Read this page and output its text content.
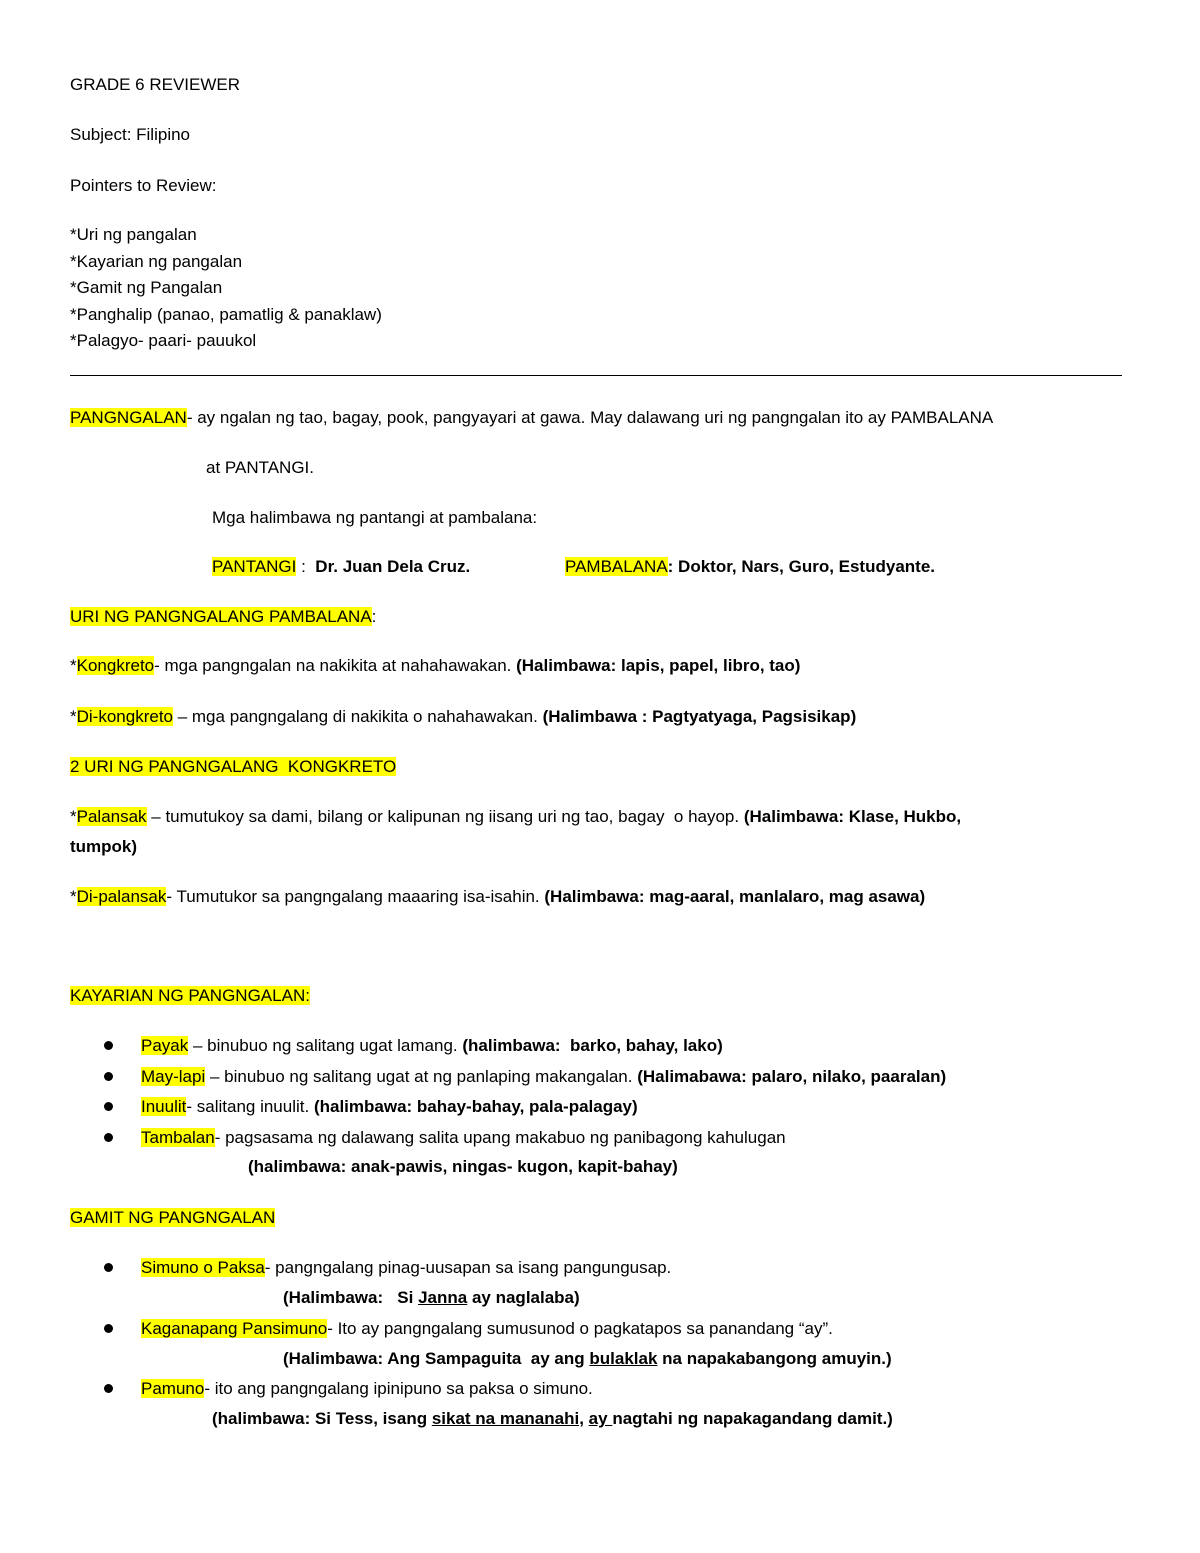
GRADE 6 REVIEWER
Subject: Filipino
Pointers to Review:
*Uri ng pangalan
*Kayarian ng pangalan
*Gamit ng Pangalan
*Panghalip (panao, pamatlig & panaklaw)
*Palagyo- paari- pauukol
PANGNGALAN- ay ngalan ng tao, bagay, pook, pangyayari at gawa. May dalawang uri ng pangngalan ito ay PAMBALANA
at PANTANGI.
Mga halimbawa ng pantangi at pambalana:
PANTANGI :  Dr. Juan Dela Cruz.	PAMBALANA: Doktor, Nars, Guro, Estudyante.
URI NG PANGNGALANG PAMBALANA:
*Kongkreto- mga pangngalan na nakikita at nahahawakan. (Halimbawa: lapis, papel, libro, tao)
*Di-kongkreto – mga pangngalang di nakikita o nahahawakan. (Halimbawa : Pagtyatyaga, Pagsisikap)
2 URI NG PANGNGALANG  KONGKRETO
*Palansak – tumutukoy sa dami, bilang or kalipunan ng iisang uri ng tao, bagay  o hayop. (Halimbawa: Klase, Hukbo,
tumpok)
*Di-palansak- Tumutukor sa pangngalang maaaring isa-isahin. (Halimbawa: mag-aaral, manlalaro, mag asawa)
KAYARIAN NG PANGNGALAN:
Payak – binubuo ng salitang ugat lamang. (halimbawa:  barko, bahay, lako)
May-lapi – binubuo ng salitang ugat at ng panlaping makangalan. (Halimabawa: palaro, nilako, paaralan)
Inuulit- salitang inuulit. (halimbawa: bahay-bahay, pala-palagay)
Tambalan- pagsasama ng dalawang salita upang makabuo ng panibagong kahulugan
(halimbawa: anak-pawis, ningas- kugon, kapit-bahay)
GAMIT NG PANGNGALAN
Simuno o Paksa- pangngalang pinag-uusapan sa isang pangungusap.
(Halimbawa:   Si Janna ay naglalaba)
Kaganapang Pansimuno- Ito ay pangngalang sumusunod o pagkatapos sa panandang “ay”.
(Halimbawa: Ang Sampaguita  ay ang bulaklak na napakabangong amuyin.)
Pamuno- ito ang pangngalang ipinipuno sa paksa o simuno.
(halimbawa: Si Tess, isang sikat na mananahi, ay nagtahi ng napakagandang damit.)
